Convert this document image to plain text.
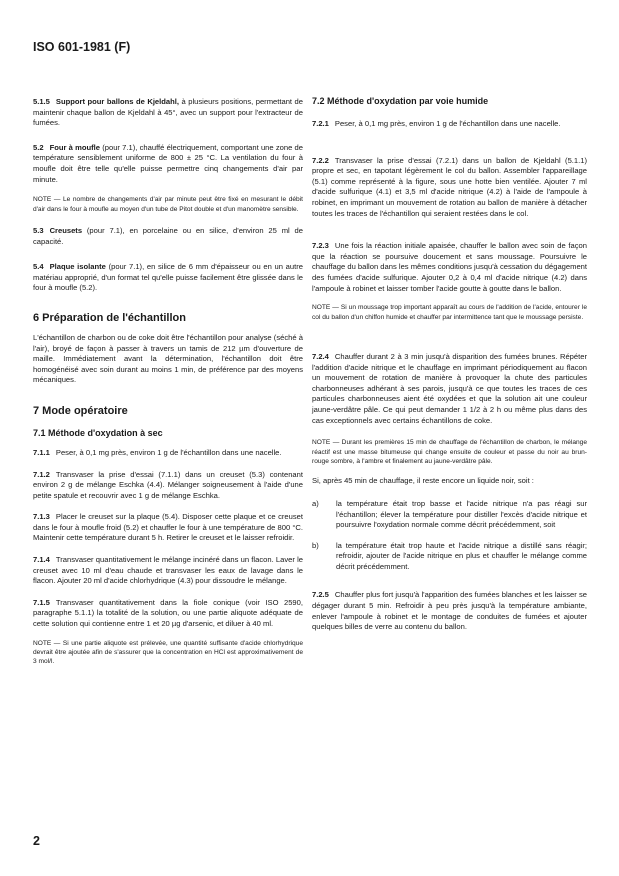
ISO 601-1981 (F)
5.1.5 Support pour ballons de Kjeldahl, à plusieurs positions, permettant de maintenir chaque ballon de Kjeldahl à 45°, avec un support pour l'extracteur de fumées.
5.2 Four à moufle (pour 7.1), chauffé électriquement, comportant une zone de température sensiblement uniforme de 800 ± 25 °C. La ventilation du four à moufle doit être telle qu'elle puisse permettre cinq changements d'air par minute.
NOTE — Le nombre de changements d'air par minute peut être fixé en mesurant le débit d'air dans le four à moufle au moyen d'un tube de Pitot double et d'un manomètre sensible.
5.3 Creusets (pour 7.1), en porcelaine ou en silice, d'environ 25 ml de capacité.
5.4 Plaque isolante (pour 7.1), en silice de 6 mm d'épaisseur ou en un autre matériau approprié, d'un format tel qu'elle puisse facilement être glissée dans le four à moufle (5.2).
6 Préparation de l'échantillon
L'échantillon de charbon ou de coke doit être l'échantillon pour analyse (séché à l'air), broyé de façon à passer à travers un tamis de 212 µm d'ouverture de maille. Immédiatement avant la détermination, l'échantillon doit être homogénéisé avec soin durant au moins 1 min, de préférence par des moyens mécaniques.
7 Mode opératoire
7.1 Méthode d'oxydation à sec
7.1.1 Peser, à 0,1 mg près, environ 1 g de l'échantillon dans une nacelle.
7.1.2 Transvaser la prise d'essai (7.1.1) dans un creuset (5.3) contenant environ 2 g de mélange Eschka (4.4). Mélanger soigneusement à l'aide d'une petite spatule et recouvrir avec 1 g de mélange Eschka.
7.1.3 Placer le creuset sur la plaque (5.4). Disposer cette plaque et ce creuset dans le four à moufle froid (5.2) et chauffer le four à une température de 800 °C. Maintenir cette température durant 5 h. Retirer le creuset et le laisser refroidir.
7.1.4 Transvaser quantitativement le mélange incinéré dans un flacon. Laver le creuset avec 10 ml d'eau chaude et transvaser les eaux de lavage dans le flacon. Ajouter 20 ml d'acide chlorhydrique (4.3) pour dissoudre le mélange.
7.1.5 Transvaser quantitativement dans la fiole conique (voir ISO 2590, paragraphe 5.1.1) la totalité de la solution, ou une partie aliquote adéquate de cette solution qui contienne entre 1 et 20 µg d'arsenic, et diluer à 40 ml.
NOTE — Si une partie aliquote est prélevée, une quantité suffisante d'acide chlorhydrique devrait être ajoutée afin de s'assurer que la concentration en HCl est approximativement de 3 mol/l.
7.2 Méthode d'oxydation par voie humide
7.2.1 Peser, à 0,1 mg près, environ 1 g de l'échantillon dans une nacelle.
7.2.2 Transvaser la prise d'essai (7.2.1) dans un ballon de Kjeldahl (5.1.1) propre et sec, en tapotant légèrement le col du ballon. Assembler l'appareillage (5.1) comme représenté à la figure, sous une hotte bien ventilée. Ajouter 7 ml d'acide sulfurique (4.1) et 3,5 ml d'acide nitrique (4.2) à l'aide de l'ampoule à robinet, en imprimant un mouvement de rotation au ballon de manière à détacher toutes les traces de l'échantillon qui seraient restées dans le col.
7.2.3 Une fois la réaction initiale apaisée, chauffer le ballon avec soin de façon que la réaction se poursuive doucement et sans moussage. Poursuivre le chauffage du ballon dans les mêmes conditions jusqu'à cessation du dégagement des fumées d'acide sulfurique. Ajouter 0,2 à 0,4 ml d'acide nitrique (4.2) dans l'ampoule à robinet et laisser tomber l'acide goutte à goutte dans le ballon.
NOTE — Si un moussage trop important apparaît au cours de l'addition de l'acide, entourer le col du ballon d'un chiffon humide et chauffer par intermittence tant que le moussage persiste.
7.2.4 Chauffer durant 2 à 3 min jusqu'à disparition des fumées brunes. Répéter l'addition d'acide nitrique et le chauffage en imprimant périodiquement au flacon un mouvement de rotation de manière à provoquer la chute des particules charbonneuses adhérant à ses parois, jusqu'à ce que toutes les traces de ces particules charbonneuses aient été oxydées et que la solution ait une couleur jaune-verdâtre pâle. Ce qui peut demander 1 1/2 à 2 h ou même plus dans des cas exceptionnels avec certains échantillons de coke.
NOTE — Durant les premières 15 min de chauffage de l'échantillon de charbon, le mélange réactif est une masse bitumeuse qui change ensuite de couleur et passe du noir au brun-rouge sombre, à l'ambre et finalement au jaune-verdâtre pâle.
Si, après 45 min de chauffage, il reste encore un liquide noir, soit :
a)	la température était trop basse et l'acide nitrique n'a pas réagi sur l'échantillon; élever la température pour distiller l'excès d'acide nitrique et poursuivre l'oxydation normale comme décrit précédemment, soit
b)	la température était trop haute et l'acide nitrique a distillé sans réagir; refroidir, ajouter de l'acide nitrique en plus et chauffer le mélange comme décrit précédemment.
7.2.5 Chauffer plus fort jusqu'à l'apparition des fumées blanches et les laisser se dégager durant 5 min. Refroidir à peu près jusqu'à la température ambiante, enlever l'ampoule à robinet et le montage de conduites de fumées et ajouter quelques billes de verre au contenu du ballon.
2
